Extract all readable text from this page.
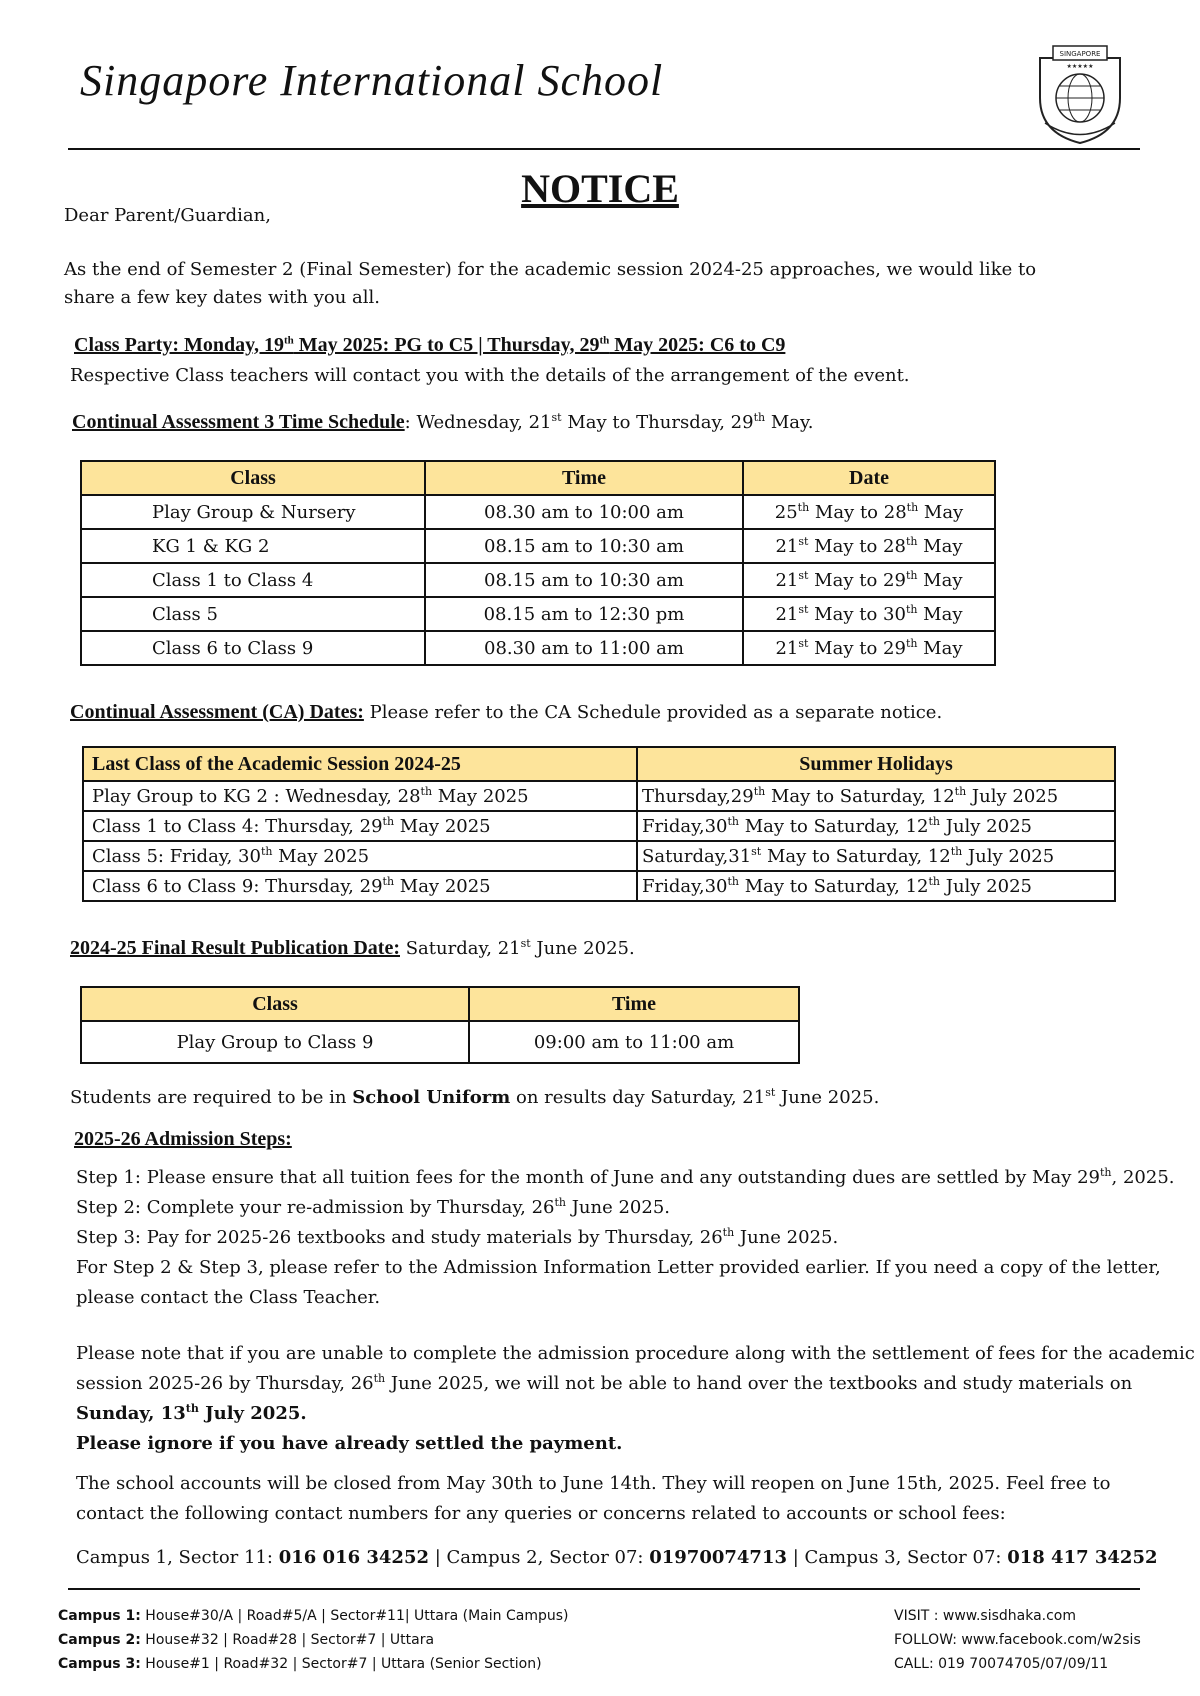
Singapore International School
SINGAPORE
★★★★★
NOTICE
Dear Parent/Guardian,
As the end of Semester 2 (Final Semester) for the academic session 2024-25 approaches, we would like to
share a few key dates with you all.
Class Party: Monday, 19th May 2025: PG to C5 | Thursday, 29th May 2025: C6 to C9
Respective Class teachers will contact you with the details of the arrangement of the event.
Continual Assessment 3 Time Schedule: Wednesday, 21st May to Thursday, 29th May.
Class	Time	Date
Play Group & Nursery	08.30 am to 10:00 am	25th May to 28th May
KG 1 & KG 2	08.15 am to 10:30 am	21st May to 28th May
Class 1 to Class 4	08.15 am to 10:30 am	21st May to 29th May
Class 5	08.15 am to 12:30 pm	21st May to 30th May
Class 6 to Class 9	08.30 am to 11:00 am	21st May to 29th May
Continual Assessment (CA) Dates: Please refer to the CA Schedule provided as a separate notice.
Last Class of the Academic Session 2024-25	Summer Holidays
Play Group to KG 2 : Wednesday, 28th May 2025	Thursday,29th May to Saturday, 12th July 2025
Class 1 to Class 4: Thursday, 29th May 2025	Friday,30th May to Saturday, 12th July 2025
Class 5: Friday, 30th May 2025	Saturday,31st May to Saturday, 12th July 2025
Class 6 to Class 9: Thursday, 29th May 2025	Friday,30th May to Saturday, 12th July 2025
2024-25 Final Result Publication Date: Saturday, 21st June 2025.
Class	Time
Play Group to Class 9	09:00 am to 11:00 am
Students are required to be in School Uniform on results day Saturday, 21st June 2025.
2025-26 Admission Steps:
Step 1: Please ensure that all tuition fees for the month of June and any outstanding dues are settled by May 29th, 2025.
Step 2: Complete your re-admission by Thursday, 26th June 2025.
Step 3: Pay for 2025-26 textbooks and study materials by Thursday, 26th June 2025.
For Step 2 & Step 3, please refer to the Admission Information Letter provided earlier. If you need a copy of the letter,
please contact the Class Teacher.
Please note that if you are unable to complete the admission procedure along with the settlement of fees for the academic
session 2025-26 by Thursday, 26th June 2025, we will not be able to hand over the textbooks and study materials on
Sunday, 13th July 2025.
Please ignore if you have already settled the payment.
The school accounts will be closed from May 30th to June 14th. They will reopen on June 15th, 2025. Feel free to
contact the following contact numbers for any queries or concerns related to accounts or school fees:
Campus 1, Sector 11: 016 016 34252 | Campus 2, Sector 07: 01970074713 | Campus 3, Sector 07: 018 417 34252
Campus 1: House#30/A | Road#5/A | Sector#11| Uttara (Main Campus)
Campus 2: House#32 | Road#28 | Sector#7 | Uttara
Campus 3: House#1 | Road#32 | Sector#7 | Uttara (Senior Section)
VISIT : www.sisdhaka.com
FOLLOW: www.facebook.com/w2sis
CALL: 019 70074705/07/09/11
